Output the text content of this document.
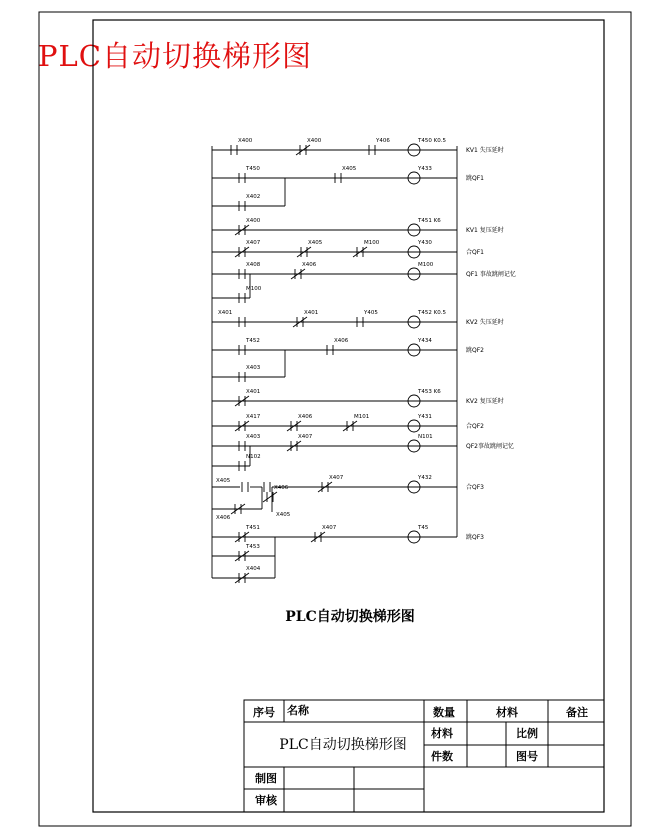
PLC自动切换梯形图
X400	X400	Y406	T450 K0.5
KV1 失压延时
T450	X405	Y433
跳QF1
X402
X400	T451 K6
KV1 复压延时
X407	X405	M100	Y430
合QF1
X408	X406	M100
QF1 事故跳闸记忆
M100
X401	Y405	T452 K0.5
KV2 失压延时
X401
T452	X406	Y434
跳QF2
X403
X401	T453 K6
KV2 复压延时
X417	X406	M101	Y431
合QF2
X403	X407	N101
QF2事故跳闸记忆
N102
X407	Y432
合QF3
X405
X406
X405
X406
T451	X407	T45
跳QF3
T453
X404
PLC自动切换梯形图
序号 名称	数量	材料	备注
PLC自动切换梯形图
材料	比例
件数	图号
制图
审核
